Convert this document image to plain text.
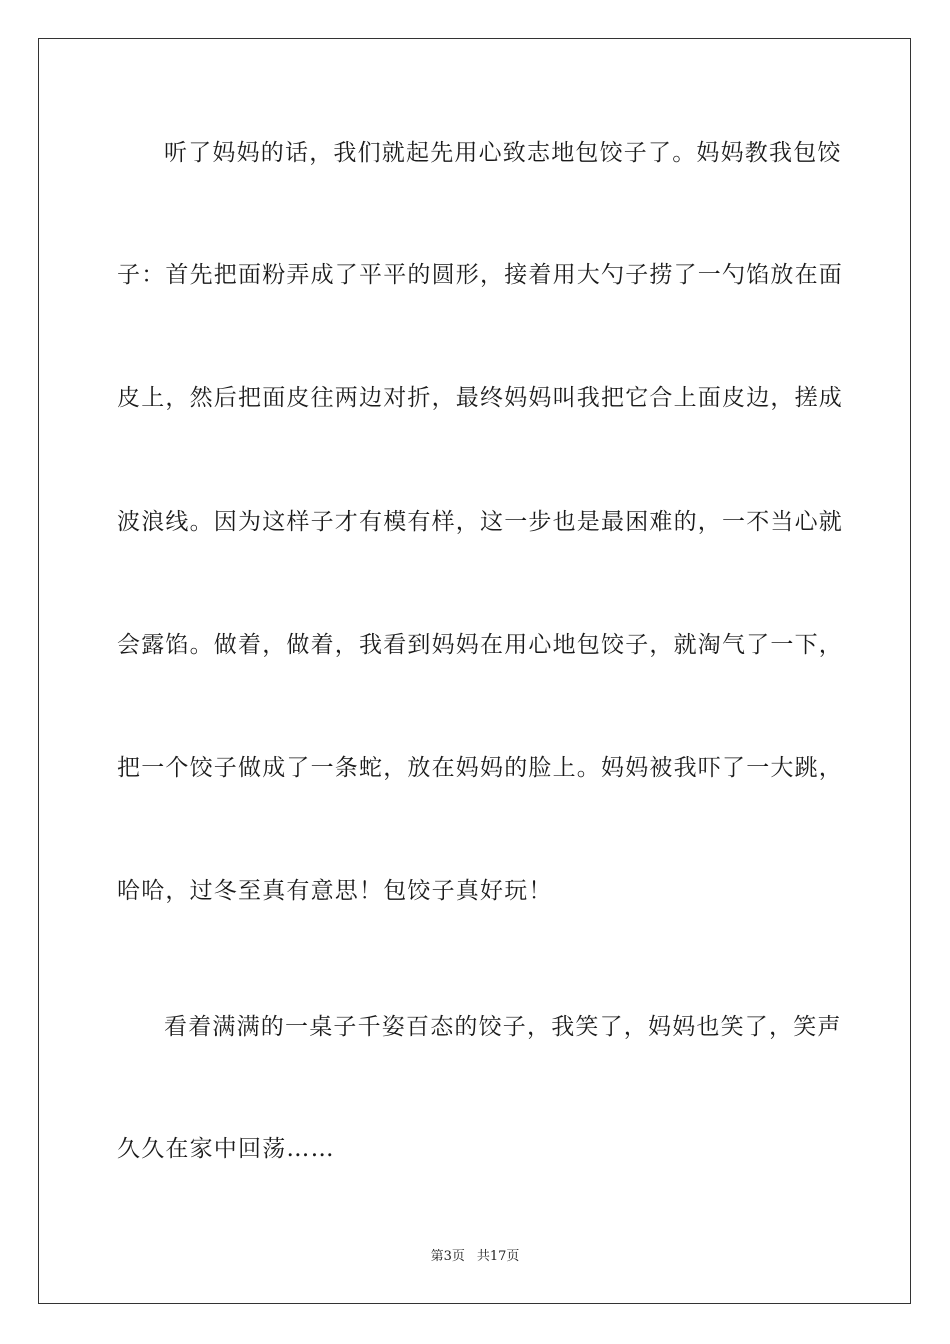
听了妈妈的话，我们就起先用心致志地包饺子了。妈妈教我包饺
子：首先把面粉弄成了平平的圆形，接着用大勺子捞了一勺馅放在面
皮上，然后把面皮往两边对折，最终妈妈叫我把它合上面皮边，搓成
波浪线。因为这样子才有模有样，这一步也是最困难的，一不当心就
会露馅。做着，做着，我看到妈妈在用心地包饺子，就淘气了一下，
把一个饺子做成了一条蛇，放在妈妈的脸上。妈妈被我吓了一大跳，
哈哈，过冬至真有意思！包饺子真好玩！
看着满满的一桌子千姿百态的饺子，我笑了，妈妈也笑了，笑声
久久在家中回荡……
第3页 共17页
